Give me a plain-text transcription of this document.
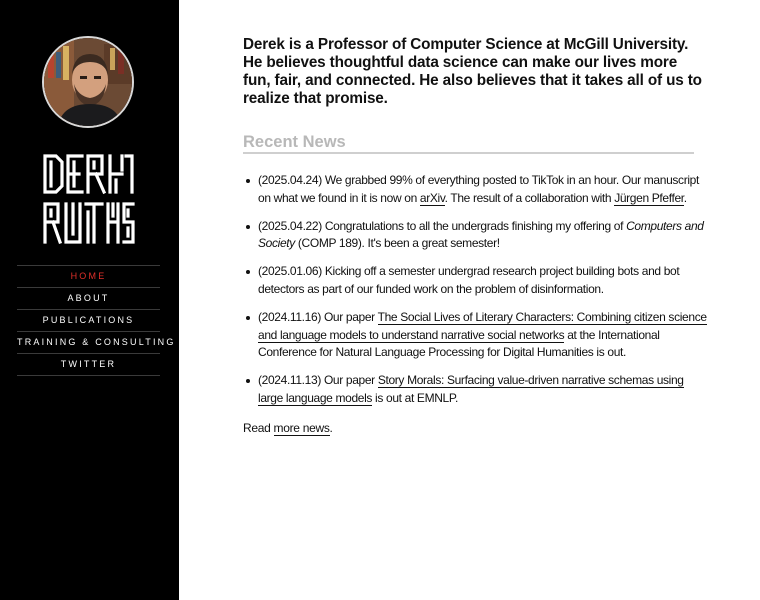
HOME
ABOUT
PUBLICATIONS
TRAINING & CONSULTING
TWITTER

Derek is a Professor of Computer Science at McGill University. He believes thoughtful data science can make our lives more fun, fair, and connected. He also believes that it takes all of us to realize that promise.

Recent News
(2025.04.24) We grabbed 99% of everything posted to TikTok in an hour. Our manuscript on what we found in it is now on arXiv. The result of a collaboration with Jürgen Pfeffer.
(2025.04.22) Congratulations to all the undergrads finishing my offering of Computers and Society (COMP 189). It's been a great semester!
(2025.01.06) Kicking off a semester undergrad research project building bots and bot detectors as part of our funded work on the problem of disinformation.
(2024.11.16) Our paper The Social Lives of Literary Characters: Combining citizen science and language models to understand narrative social networks at the International Conference for Natural Language Processing for Digital Humanities is out.
(2024.11.13) Our paper Story Morals: Surfacing value-driven narrative schemas using large language models is out at EMNLP.
Read more news.
